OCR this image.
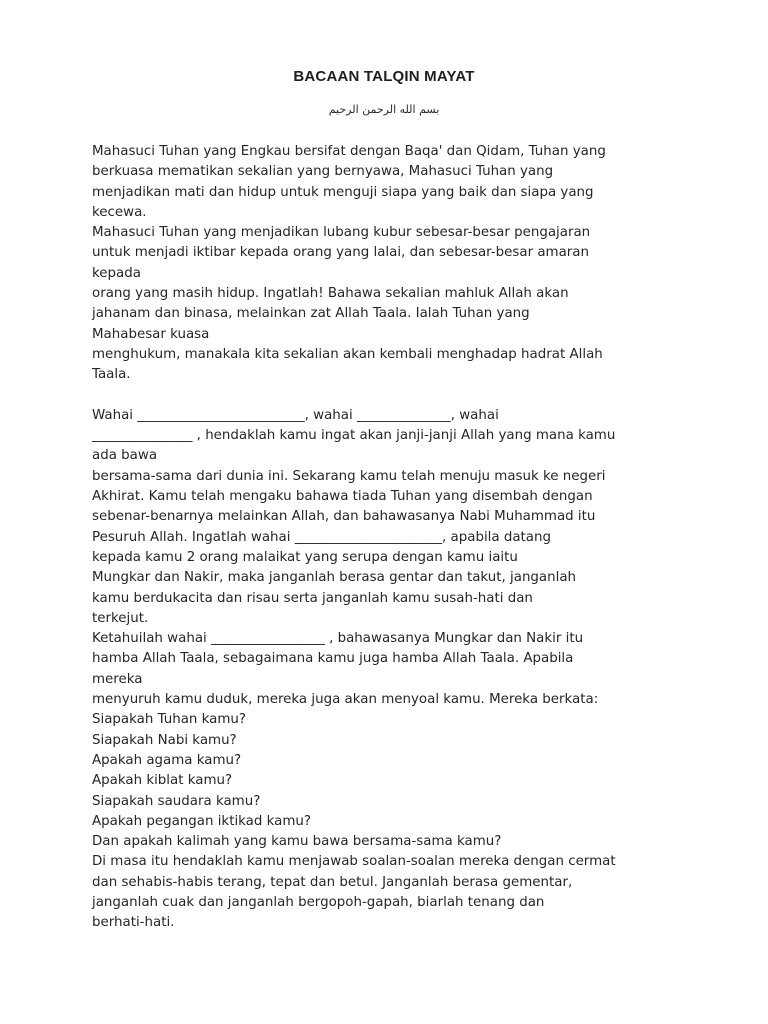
BACAAN TALQIN MAYAT
بسم الله الرحمن الرحيم
Mahasuci Tuhan yang Engkau bersifat dengan Baqa' dan Qidam, Tuhan yang
berkuasa mematikan sekalian yang bernyawa, Mahasuci Tuhan yang
menjadikan mati dan hidup untuk menguji siapa yang baik dan siapa yang
kecewa.
Mahasuci Tuhan yang menjadikan lubang kubur sebesar-besar pengajaran
untuk menjadi iktibar kepada orang yang lalai, dan sebesar-besar amaran
kepada
orang yang masih hidup. Ingatlah! Bahawa sekalian mahluk Allah akan
jahanam dan binasa, melainkan zat Allah Taala. Ialah Tuhan yang
Mahabesar kuasa
menghukum, manakala kita sekalian akan kembali menghadap hadrat Allah
Taala.
Wahai _________________________, wahai ______________, wahai
_______________ , hendaklah kamu ingat akan janji-janji Allah yang mana kamu
ada bawa
bersama-sama dari dunia ini. Sekarang kamu telah menuju masuk ke negeri
Akhirat. Kamu telah mengaku bahawa tiada Tuhan yang disembah dengan
sebenar-benarnya melainkan Allah, dan bahawasanya Nabi Muhammad itu
Pesuruh Allah. Ingatlah wahai ______________________, apabila datang
kepada kamu 2 orang malaikat yang serupa dengan kamu iaitu
Mungkar dan Nakir, maka janganlah berasa gentar dan takut, janganlah
kamu berdukacita dan risau serta janganlah kamu susah-hati dan
terkejut.
Ketahuilah wahai _________________ , bahawasanya Mungkar dan Nakir itu
hamba Allah Taala, sebagaimana kamu juga hamba Allah Taala. Apabila
mereka
menyuruh kamu duduk, mereka juga akan menyoal kamu. Mereka berkata:
Siapakah Tuhan kamu?
Siapakah Nabi kamu?
Apakah agama kamu?
Apakah kiblat kamu?
Siapakah saudara kamu?
Apakah pegangan iktikad kamu?
Dan apakah kalimah yang kamu bawa bersama-sama kamu?
Di masa itu hendaklah kamu menjawab soalan-soalan mereka dengan cermat
dan sehabis-habis terang, tepat dan betul. Janganlah berasa gementar,
janganlah cuak dan janganlah bergopoh-gapah, biarlah tenang dan
berhati-hati.
